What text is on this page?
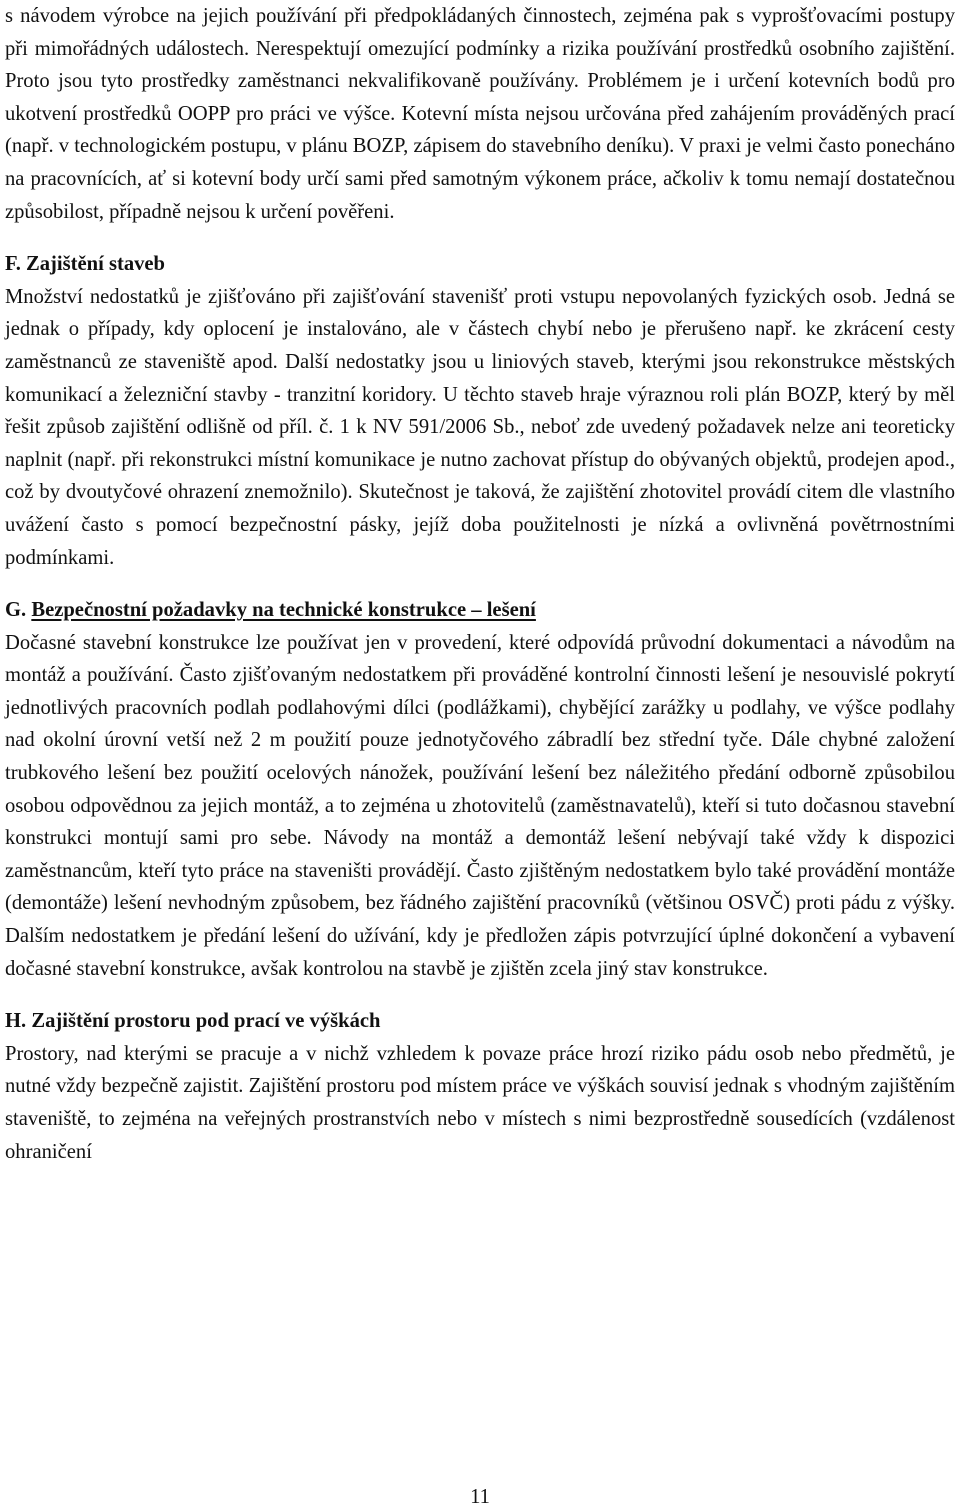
s návodem výrobce na jejich používání při předpokládaných činnostech, zejména pak s vyprošťovacími postupy při mimořádných událostech. Nerespektují omezující podmínky a rizika používání prostředků osobního zajištění. Proto jsou tyto prostředky zaměstnanci nekvalifikovaně používány. Problémem je i určení kotevních bodů pro ukotvení prostředků OOPP pro práci ve výšce. Kotevní místa nejsou určována před zahájením prováděných prací (např. v technologickém postupu, v plánu BOZP, zápisem do stavebního deníku). V praxi je velmi často ponecháno na pracovnících, ať si kotevní body určí sami před samotným výkonem práce, ačkoliv k tomu nemají dostatečnou způsobilost, případně nejsou k určení pověřeni.

F. Zajištění staveb

Množství nedostatků je zjišťováno při zajišťování stavenišť proti vstupu nepovolaných fyzických osob. Jedná se jednak o případy, kdy oplocení je instalováno, ale v částech chybí nebo je přerušeno např. ke zkrácení cesty zaměstnanců ze staveniště apod. Další nedostatky jsou u liniových staveb, kterými jsou rekonstrukce městských komunikací a železniční stavby - tranzitní koridory. U těchto staveb hraje výraznou roli plán BOZP, který by měl řešit způsob zajištění odlišně od příl. č. 1 k NV 591/2006 Sb., neboť zde uvedený požadavek nelze ani teoreticky naplnit (např. při rekonstrukci místní komunikace je nutno zachovat přístup do obývaných objektů, prodejen apod., což by dvoutyčové ohrazení znemožnilo). Skutečnost je taková, že zajištění zhotovitel provádí citem dle vlastního uvážení často s pomocí bezpečnostní pásky, jejíž doba použitelnosti je nízká a ovlivněná povětrnostními podmínkami.

G. Bezpečnostní požadavky na technické konstrukce – lešení

Dočasné stavební konstrukce lze používat jen v provedení, které odpovídá průvodní dokumentaci a návodům na montáž a používání. Často zjišťovaným nedostatkem při prováděné kontrolní činnosti lešení je nesouvislé pokrytí jednotlivých pracovních podlah podlahovými dílci (podlážkami), chybějící zarážky u podlahy, ve výšce podlahy nad okolní úrovní vetší než 2 m použití pouze jednotyčového zábradlí bez střední tyče. Dále chybné založení trubkového lešení bez použití ocelových nánožek, používání lešení bez náležitého předání odborně způsobilou osobou odpovědnou za jejich montáž, a to zejména u zhotovitelů (zaměstnavatelů), kteří si tuto dočasnou stavební konstrukci montují sami pro sebe. Návody na montáž a demontáž lešení nebývají také vždy k dispozici zaměstnancům, kteří tyto práce na staveništi provádějí. Často zjištěným nedostatkem bylo také provádění montáže (demontáže) lešení nevhodným způsobem, bez řádného zajištění pracovníků (většinou OSVČ) proti pádu z výšky. Dalším nedostatkem je předání lešení do užívání, kdy je předložen zápis potvrzující úplné dokončení a vybavení dočasné stavební konstrukce, avšak kontrolou na stavbě je zjištěn zcela jiný stav konstrukce.

H. Zajištění prostoru pod prací ve výškách

Prostory, nad kterými se pracuje a v nichž vzhledem k povaze práce hrozí riziko pádu osob nebo předmětů, je nutné vždy bezpečně zajistit. Zajištění prostoru pod místem práce ve výškách souvisí jednak s vhodným zajištěním staveniště, to zejména na veřejných prostranstvích nebo v místech s nimi bezprostředně sousedících (vzdálenost ohraničení

11
